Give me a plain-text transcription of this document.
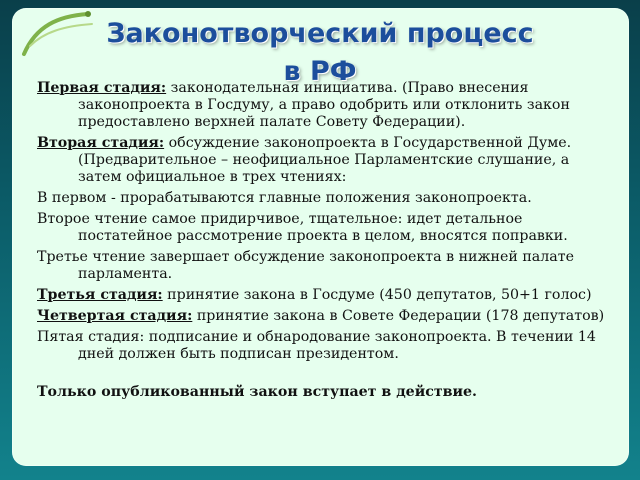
Законотворческий процесс
в РФ

Первая стадия: законодательная инициатива. (Право внесения законопроекта в Госдуму, а право одобрить или отклонить закон предоставлено верхней палате Совету Федерации).

Вторая стадия: обсуждение законопроекта в Государственной Думе. (Предварительное – неофициальное Парламентские слушание, а затем официальное в трех чтениях:

В первом - прорабатываются главные положения законопроекта.

Второе чтение самое придирчивое, тщательное: идет детальное постатейное рассмотрение проекта в целом, вносятся поправки.

Третье чтение завершает обсуждение законопроекта в нижней палате парламента.

Третья стадия: принятие закона в Госдуме (450 депутатов, 50+1 голос)

Четвертая стадия: принятие закона в Совете Федерации (178 депутатов)

Пятая стадия: подписание и обнародование законопроекта. В течении 14 дней должен быть подписан президентом.

Только опубликованный закон вступает в действие.
